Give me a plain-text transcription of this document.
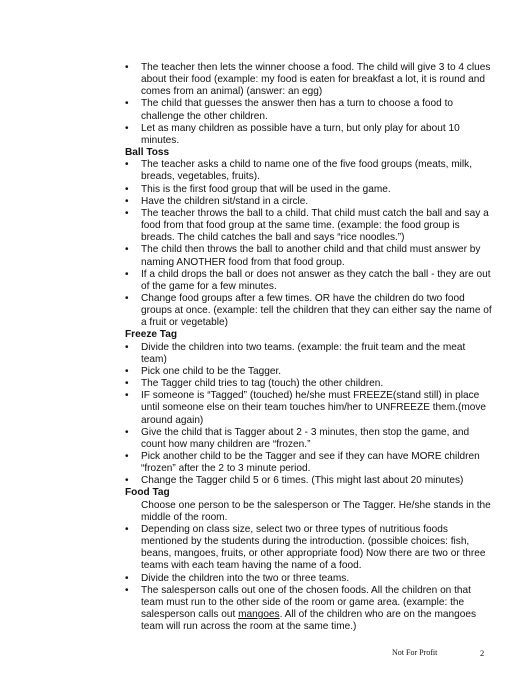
• The teacher then lets the winner choose a food. The child will give 3 to 4 clues about their food (example: my food is eaten for breakfast a lot, it is round and comes from an animal) (answer: an egg)
• The child that guesses the answer then has a turn to choose a food to challenge the other children.
• Let as many children as possible have a turn, but only play for about 10 minutes.
Ball Toss
• The teacher asks a child to name one of the five food groups (meats, milk, breads, vegetables, fruits).
• This is the first food group that will be used in the game.
• Have the children sit/stand in a circle.
• The teacher throws the ball to a child. That child must catch the ball and say a food from that food group at the same time. (example: the food group is breads. The child catches the ball and says “rice noodles.”)
• The child then throws the ball to another child and that child must answer by naming ANOTHER food from that food group.
• If a child drops the ball or does not answer as they catch the ball - they are out of the game for a few minutes.
• Change food groups after a few times. OR have the children do two food groups at once. (example: tell the children that they can either say the name of a fruit or vegetable)
Freeze Tag
• Divide the children into two teams. (example: the fruit team and the meat team)
• Pick one child to be the Tagger.
• The Tagger child tries to tag (touch) the other children.
• IF someone is “Tagged” (touched) he/she must FREEZE(stand still) in place until someone else on their team touches him/her to UNFREEZE them.(move around again)
• Give the child that is Tagger about 2 - 3 minutes, then stop the game, and count how many children are “frozen.”
• Pick another child to be the Tagger and see if they can have MORE children “frozen” after the 2 to 3 minute period.
• Change the Tagger child 5 or 6 times. (This might last about 20 minutes)
Food Tag
Choose one person to be the salesperson or The Tagger. He/she stands in the middle of the room.
• Depending on class size, select two or three types of nutritious foods mentioned by the students during the introduction. (possible choices: fish, beans, mangoes, fruits, or other appropriate food) Now there are two or three teams with each team having the name of a food.
• Divide the children into the two or three teams.
• The salesperson calls out one of the chosen foods. All the children on that team must run to the other side of the room or game area. (example: the salesperson calls out mangoes. All of the children who are on the mangoes team will run across the room at the same time.)
Not For Profit	2
